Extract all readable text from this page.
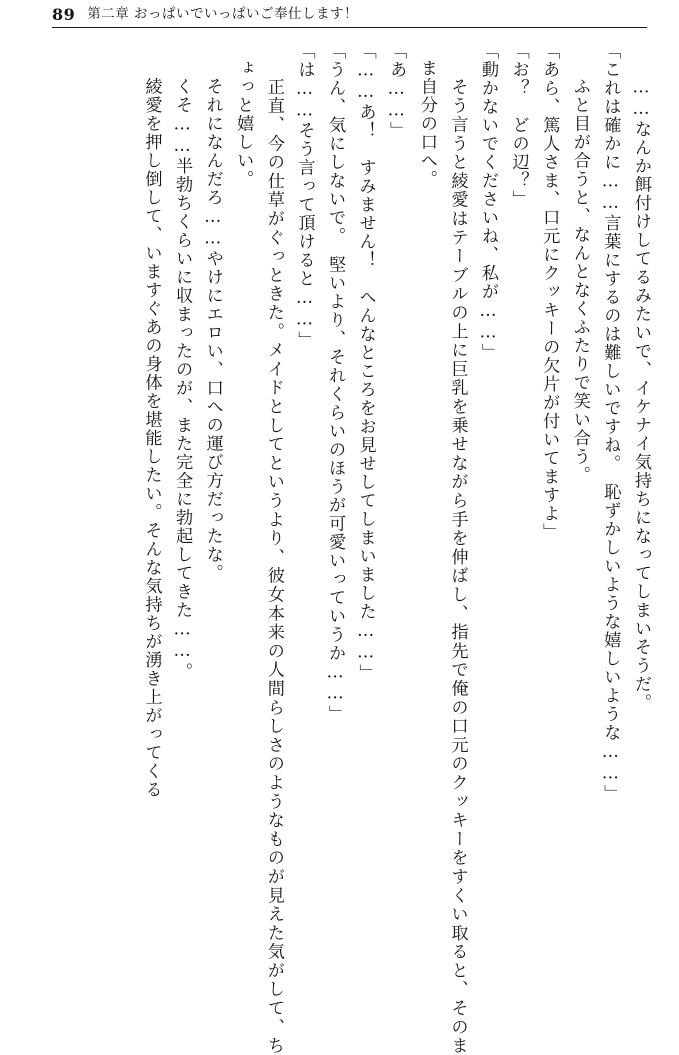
89 第二章 おっぱいでいっぱいご奉仕します！

　……なんか餌付けしてるみたいで、イケナイ気持ちになってしまいそうだ。

「これは確かに……言葉にするのは難しいですね。　恥ずかしいような嬉しいような……」

　ふと目が合うと、なんとなくふたりで笑い合う。

「あら、篤人さま、口元にクッキーの欠片が付いてますよ」

「お？　どの辺？」

「動かないでくださいね、私が……」

　そう言うと綾愛はテーブルの上に巨乳を乗せながら手を伸ばし、指先で俺の口元のクッキーをすくい取ると、そのまま自分の口へ。

「あ……」

「……あ！　すみません！　へんなところをお見せしてしまいました……」

「うん、気にしないで。　堅いより、それくらいのほうが可愛いっていうか……」

「は……そう言って頂けると……」

　正直、今の仕草がぐっときた。メイドとしてというより、彼女本来の人間らしさのようなものが見えた気がして、ちょっと嬉しい。

　それになんだろ……やけにエロい、口への運び方だったな。

　くそ……半勃ちくらいに収まったのが、また完全に勃起してきた……。

　綾愛を押し倒して、いますぐあの身体を堪能したい。そんな気持ちが湧き上がってくる
